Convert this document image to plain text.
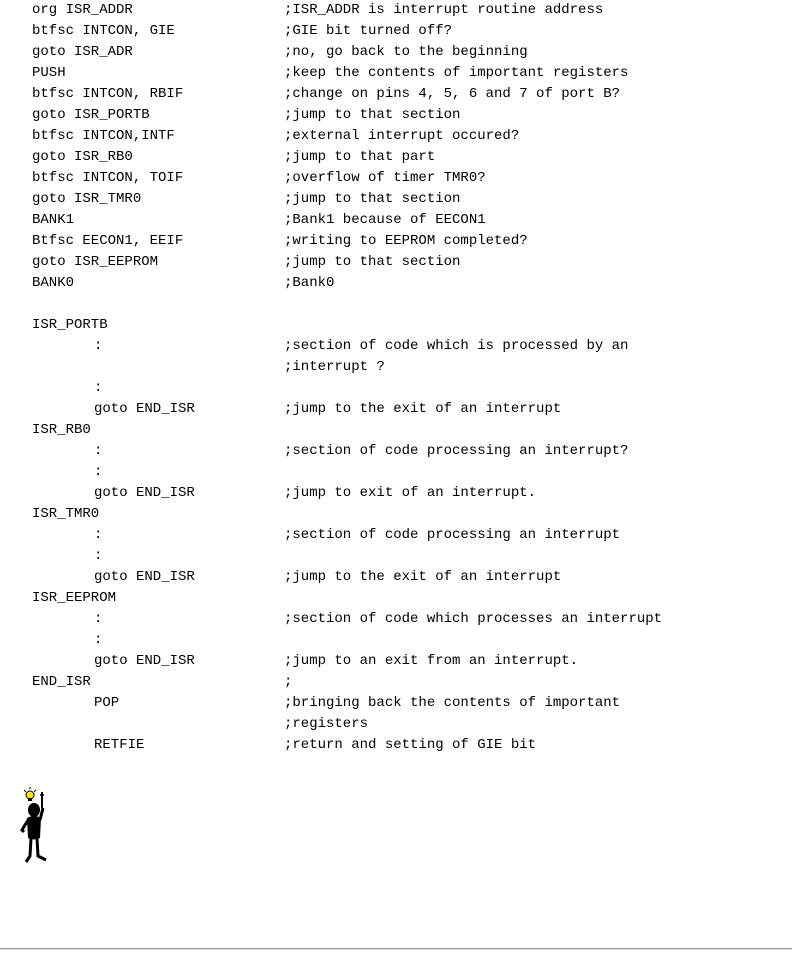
org ISR_ADDR	;ISR_ADDR is interrupt routine address
btfsc INTCON, GIE	;GIE bit turned off?
goto ISR_ADR	;no, go back to the beginning
PUSH	;keep the contents of important registers
btfsc INTCON, RBIF	;change on pins 4, 5, 6 and 7 of port B?
goto ISR_PORTB	;jump to that section
btfsc INTCON,INTF	;external interrupt occured?
goto ISR_RB0	;jump to that part
btfsc INTCON, TOIF	;overflow of timer TMR0?
goto ISR_TMR0	;jump to that section
BANK1	;Bank1 because of EECON1
Btfsc EECON1, EEIF	;writing to EEPROM completed?
goto ISR_EEPROM	;jump to that section
BANK0	;Bank0
ISR_PORTB
:	;section of code which is processed by an
;interrupt ?
:
goto END_ISR	;jump to the exit of an interrupt
ISR_RB0
:	;section of code processing an interrupt?
:
goto END_ISR	;jump to exit of an interrupt.
ISR_TMR0
:	;section of code processing an interrupt
:
goto END_ISR	;jump to the exit of an interrupt
ISR_EEPROM
:	;section of code which processes an interrupt
:
goto END_ISR	;jump to an exit from an interrupt.
END_ISR	;
POP	;bringing back the contents of important
;registers
RETFIE	;return and setting of GIE bit
